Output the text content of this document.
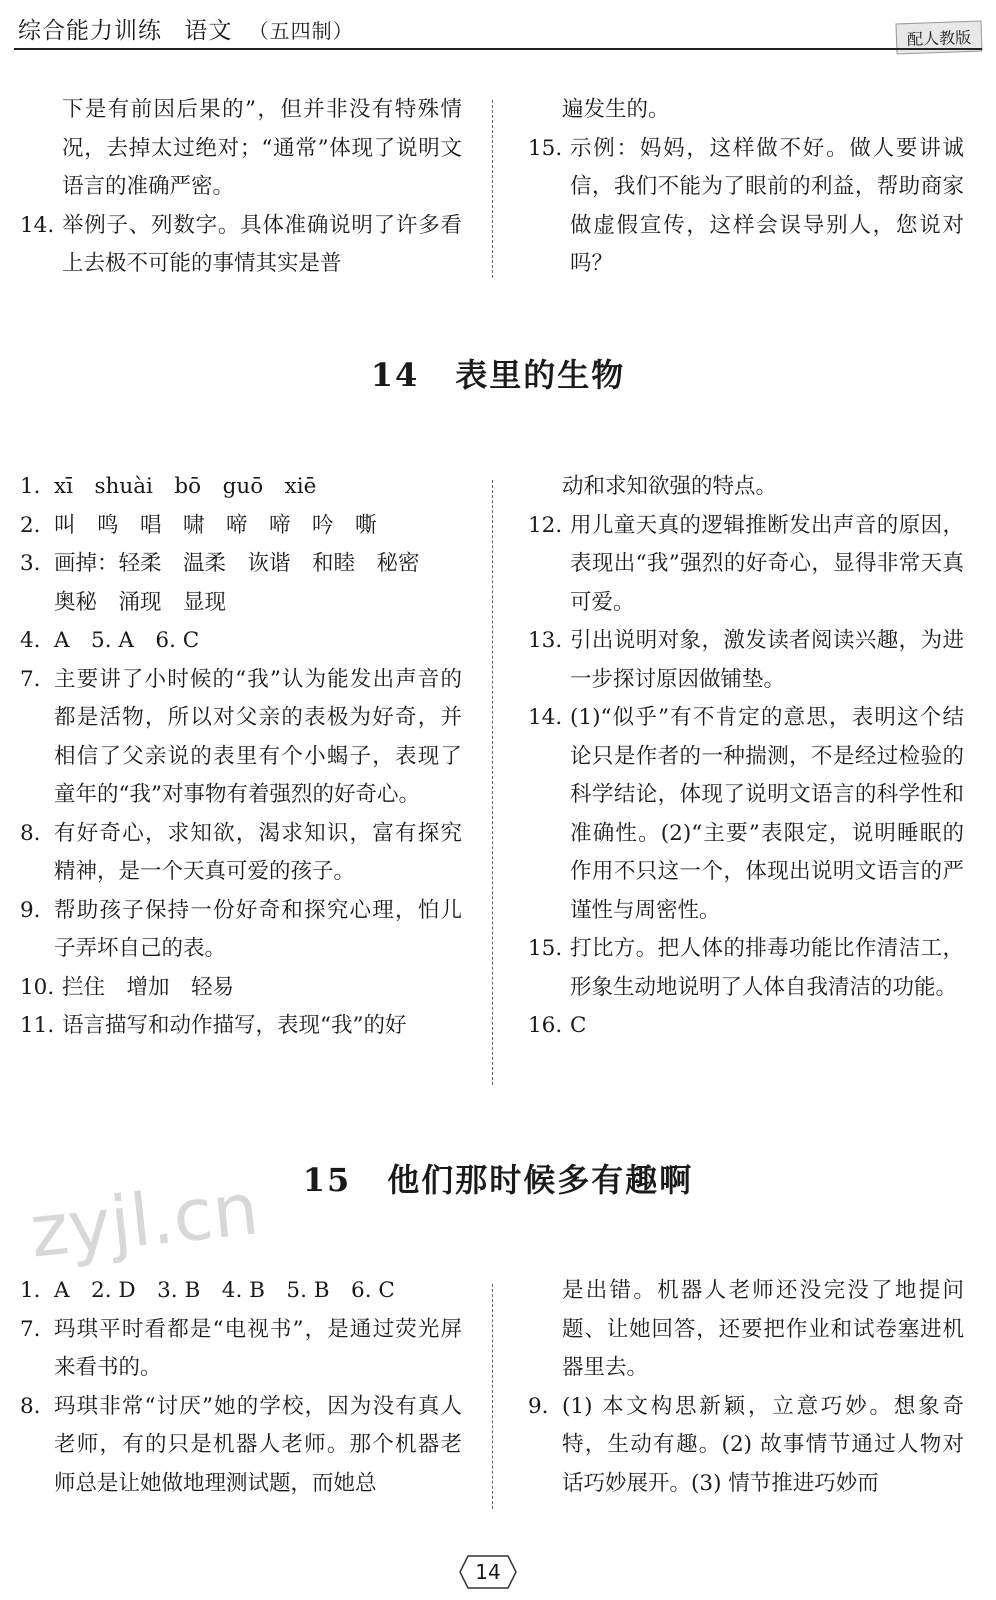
综合能力训练 语文 （五四制）	配人教版
下是有前因后果的”，但并非没有特殊情况，去掉太过绝对；“通常”体现了说明文语言的准确严密。
14. 举例子、列数字。具体准确说明了许多看上去极不可能的事情其实是普
遍发生的。
15. 示例：妈妈，这样做不好。做人要讲诚信，我们不能为了眼前的利益，帮助商家做虚假宣传，这样会误导别人，您说对吗？
14 表里的生物
1. xī　shuài　bō　guō　xiē
2. 叫　鸣　唱　啸　啼　啼　吟　嘶
3. 画掉：轻柔　温柔　诙谐　和睦　秘密
奥秘　涌现　显现
4. A　5. A　6. C
7. 主要讲了小时候的“我”认为能发出声音的都是活物，所以对父亲的表极为好奇，并相信了父亲说的表里有个小蝎子，表现了童年的“我”对事物有着强烈的好奇心。
8. 有好奇心，求知欲，渴求知识，富有探究精神，是一个天真可爱的孩子。
9. 帮助孩子保持一份好奇和探究心理，怕儿子弄坏自己的表。
10. 拦住　增加　轻易
11. 语言描写和动作描写，表现“我”的好
动和求知欲强的特点。
12. 用儿童天真的逻辑推断发出声音的原因，表现出“我”强烈的好奇心，显得非常天真可爱。
13. 引出说明对象，激发读者阅读兴趣，为进一步探讨原因做铺垫。
14. (1)“似乎”有不肯定的意思，表明这个结论只是作者的一种揣测，不是经过检验的科学结论，体现了说明文语言的科学性和准确性。(2)“主要”表限定，说明睡眠的作用不只这一个，体现出说明文语言的严谨性与周密性。
15. 打比方。把人体的排毒功能比作清洁工，形象生动地说明了人体自我清洁的功能。
16. C
15 他们那时候多有趣啊
zyjl.cn
1. A　2. D　3. B　4. B　5. B　6. C
7. 玛琪平时看都是“电视书”，是通过荧光屏来看书的。
8. 玛琪非常“讨厌”她的学校，因为没有真人老师，有的只是机器人老师。那个机器老师总是让她做地理测试题，而她总
是出错。机器人老师还没完没了地提问题、让她回答，还要把作业和试卷塞进机器里去。
9. (1) 本文构思新颖，立意巧妙。想象奇特，生动有趣。(2) 故事情节通过人物对话巧妙展开。(3) 情节推进巧妙而
14
